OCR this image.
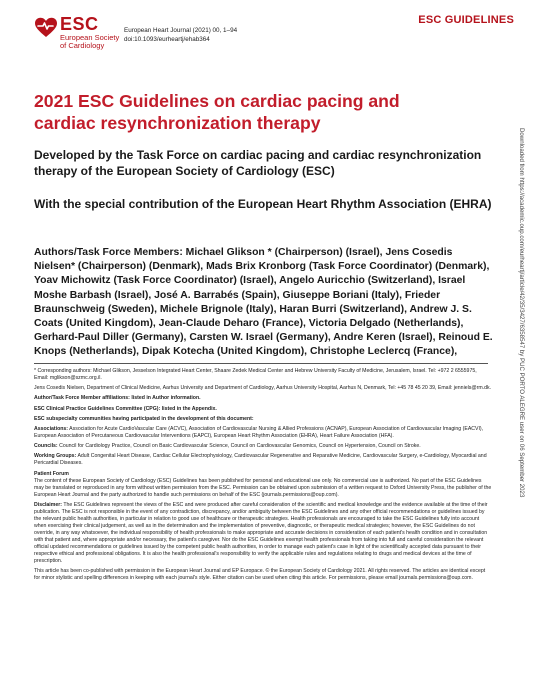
ESC
European Society
of Cardiology
European Heart Journal (2021) 00, 1–94
doi:10.1093/eurheartj/ehab364
ESC GUIDELINES
2021 ESC Guidelines on cardiac pacing and cardiac resynchronization therapy
Developed by the Task Force on cardiac pacing and cardiac resynchronization therapy of the European Society of Cardiology (ESC)
With the special contribution of the European Heart Rhythm Association (EHRA)

Authors/Task Force Members: Michael Glikson * (Chairperson) (Israel), Jens Cosedis Nielsen* (Chairperson) (Denmark), Mads Brix Kronborg (Task Force Coordinator) (Denmark), Yoav Michowitz (Task Force Coordinator) (Israel), Angelo Auricchio (Switzerland), Israel Moshe Barbash (Israel), José A. Barrabés (Spain), Giuseppe Boriani (Italy), Frieder Braunschweig (Sweden), Michele Brignole (Italy), Haran Burri (Switzerland), Andrew J. S. Coats (United Kingdom), Jean-Claude Deharo (France), Victoria Delgado (Netherlands), Gerhard-Paul Diller (Germany), Carsten W. Israel (Germany), Andre Keren (Israel), Reinoud E. Knops (Netherlands), Dipak Kotecha (United Kingdom), Christophe Leclercq (France),

* Corresponding authors: Michael Glikson, Jesselson Integrated Heart Center, Shaare Zedek Medical Center and Hebrew University Faculty of Medicine, Jerusalem, Israel. Tel: +972 2 6555975, Email: mglikson@szmc.org.il.

Jens Cosedis Nielsen, Department of Clinical Medicine, Aarhus University and Department of Cardiology, Aarhus University Hospital, Aarhus N, Denmark, Tel: +45 78 45 20 39, Email: jenniels@rm.dk.

Author/Task Force Member affiliations: listed in Author information.

ESC Clinical Practice Guidelines Committee (CPG): listed in the Appendix.

ESC subspecialty communities having participated in the development of this document:

Associations: Association for Acute CardioVascular Care (ACVC), Association of Cardiovascular Nursing & Allied Professions (ACNAP), European Association of Cardiovascular Imaging (EACVI), European Association of Percutaneous Cardiovascular Interventions (EAPCI), European Heart Rhythm Association (EHRA), Heart Failure Association (HFA).

Councils: Council for Cardiology Practice, Council on Basic Cardiovascular Science, Council on Cardiovascular Genomics, Council on Hypertension, Council on Stroke.

Working Groups: Adult Congenital Heart Disease, Cardiac Cellular Electrophysiology, Cardiovascular Regenerative and Reparative Medicine, Cardiovascular Surgery, e-Cardiology, Myocardial and Pericardial Diseases.

Patient Forum

The content of these European Society of Cardiology (ESC) Guidelines has been published for personal and educational use only. No commercial use is authorized. No part of the ESC Guidelines may be translated or reproduced in any form without written permission from the ESC. Permission can be obtained upon submission of a written request to Oxford University Press, the publisher of the European Heart Journal and the party authorized to handle such permissions on behalf of the ESC (journals.permissions@oup.com).

Disclaimer: The ESC Guidelines represent the views of the ESC and were produced after careful consideration of the scientific and medical knowledge and the evidence available at the time of their publication. The ESC is not responsible in the event of any contradiction, discrepancy, and/or ambiguity between the ESC Guidelines and any other official recommendations or guidelines issued by the relevant public health authorities, in particular in relation to good use of healthcare or therapeutic strategies. Health professionals are encouraged to take the ESC Guidelines fully into account when exercising their clinical judgement, as well as in the determination and the implementation of preventive, diagnostic, or therapeutic medical strategies; however, the ESC Guidelines do not override, in any way whatsoever, the individual responsibility of health professionals to make appropriate and accurate decisions in consideration of each patient's health condition and in consultation with that patient and, where appropriate and/or necessary, the patient's caregiver. Nor do the ESC Guidelines exempt health professionals from taking into full and careful consideration the relevant official updated recommendations or guidelines issued by the competent public health authorities, in order to manage each patient's case in light of the scientifically accepted data pursuant to their respective ethical and professional obligations. It is also the health professional's responsibility to verify the applicable rules and regulations relating to drugs and medical devices at the time of prescription.

This article has been co-published with permission in the European Heart Journal and EP Europace. © the European Society of Cardiology 2021. All rights reserved. The articles are identical except for minor stylistic and spelling differences in keeping with each journal's style. Either citation can be used when citing this article. For permissions, please email journals.permissions@oup.com.

Downloaded from https://academic.oup.com/eurheartj/article/42/35/3427/6358547 by PUC PORTO ALEGRE user on 06 September 2023
